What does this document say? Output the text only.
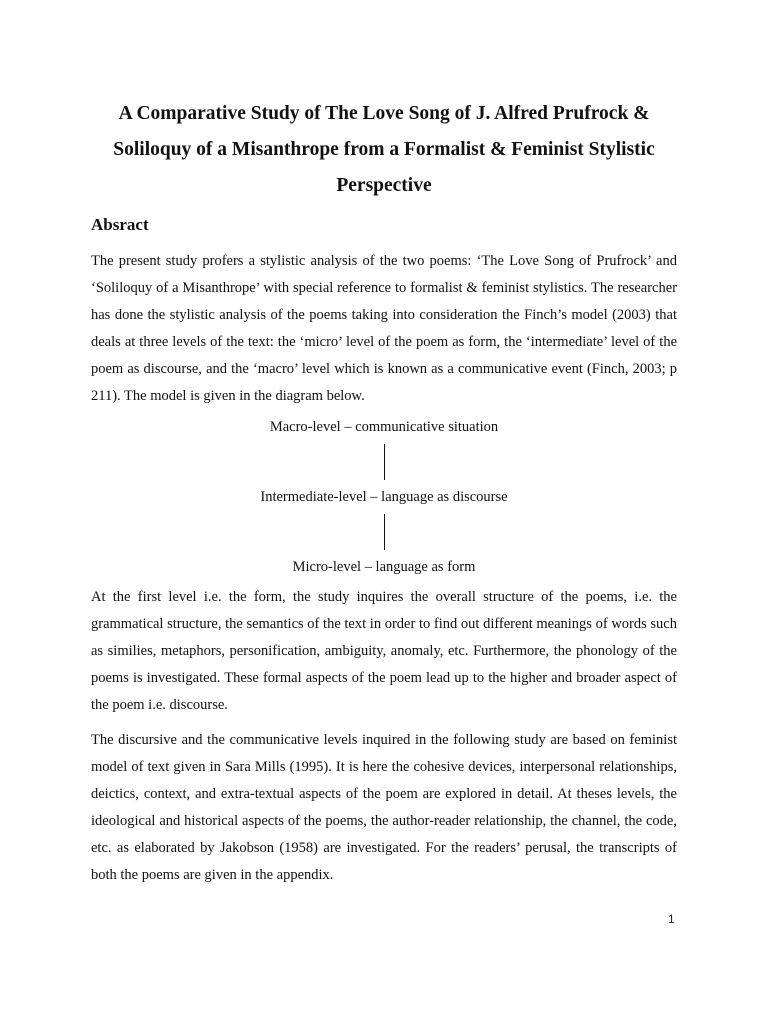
A Comparative Study of The Love Song of J. Alfred Prufrock &
Soliloquy of a Misanthrope from a Formalist & Feminist Stylistic
Perspective
Absract

The present study profers a stylistic analysis of the two poems: ‘The Love Song of Prufrock’ and ‘Soliloquy of a Misanthrope’ with special reference to formalist & feminist stylistics. The researcher has done the stylistic analysis of the poems taking into consideration the Finch’s model (2003) that deals at three levels of the text: the ‘micro’ level of the poem as form, the ‘intermediate’ level of the poem as discourse, and the ‘macro’ level which is known as a communicative event (Finch, 2003; p 211). The model is given in the diagram below.

Macro-level – communicative situation
Intermediate-level – language as discourse
Micro-level – language as form

At the first level i.e. the form, the study inquires the overall structure of the poems, i.e. the grammatical structure, the semantics of the text in order to find out different meanings of words such as similies, metaphors, personification, ambiguity, anomaly, etc. Furthermore, the phonology of the poems is investigated. These formal aspects of the poem lead up to the higher and broader aspect of the poem i.e. discourse.

The discursive and the communicative levels inquired in the following study are based on feminist model of text given in Sara Mills (1995). It is here the cohesive devices, interpersonal relationships, deictics, context, and extra-textual aspects of the poem are explored in detail. At theses levels, the ideological and historical aspects of the poems, the author-reader relationship, the channel, the code, etc. as elaborated by Jakobson (1958) are investigated. For the readers’ perusal, the transcripts of both the poems are given in the appendix.

1
